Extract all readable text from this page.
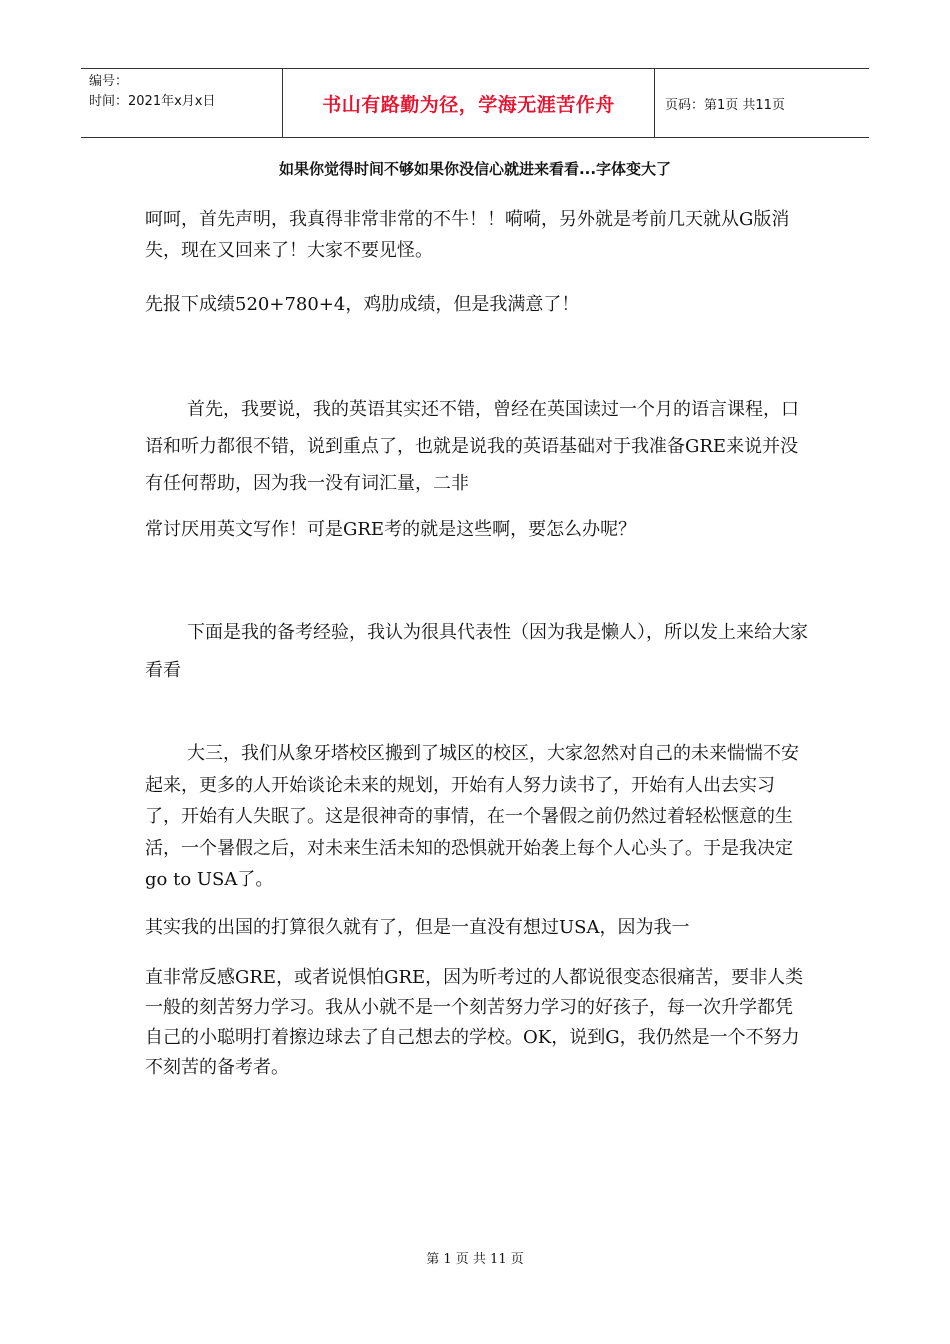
编号：
时间：2021年x月x日	书山有路勤为径，学海无涯苦作舟	页码：第1页 共11页
如果你觉得时间不够如果你没信心就进来看看...字体变大了

呵呵，首先声明，我真得非常非常的不牛！！嗬嗬，另外就是考前几天就从G版消失，现在又回来了！大家不要见怪。

先报下成绩520+780+4，鸡肋成绩，但是我满意了！

首先，我要说，我的英语其实还不错，曾经在英国读过一个月的语言课程，口语和听力都很不错，说到重点了，也就是说我的英语基础对于我准备GRE来说并没有任何帮助，因为我一没有词汇量，二非

常讨厌用英文写作！可是GRE考的就是这些啊，要怎么办呢？

下面是我的备考经验，我认为很具代表性（因为我是懒人），所以发上来给大家看看

大三，我们从象牙塔校区搬到了城区的校区，大家忽然对自己的未来惴惴不安起来，更多的人开始谈论未来的规划，开始有人努力读书了，开始有人出去实习了，开始有人失眠了。这是很神奇的事情，在一个暑假之前仍然过着轻松惬意的生活，一个暑假之后，对未来生活未知的恐惧就开始袭上每个人心头了。于是我决定go to USA了。

其实我的出国的打算很久就有了，但是一直没有想过USA，因为我一

直非常反感GRE，或者说惧怕GRE，因为听考过的人都说很变态很痛苦，要非人类一般的刻苦努力学习。我从小就不是一个刻苦努力学习的好孩子，每一次升学都凭自己的小聪明打着擦边球去了自己想去的学校。OK，说到G，我仍然是一个不努力不刻苦的备考者。

第 1 页 共 11 页
